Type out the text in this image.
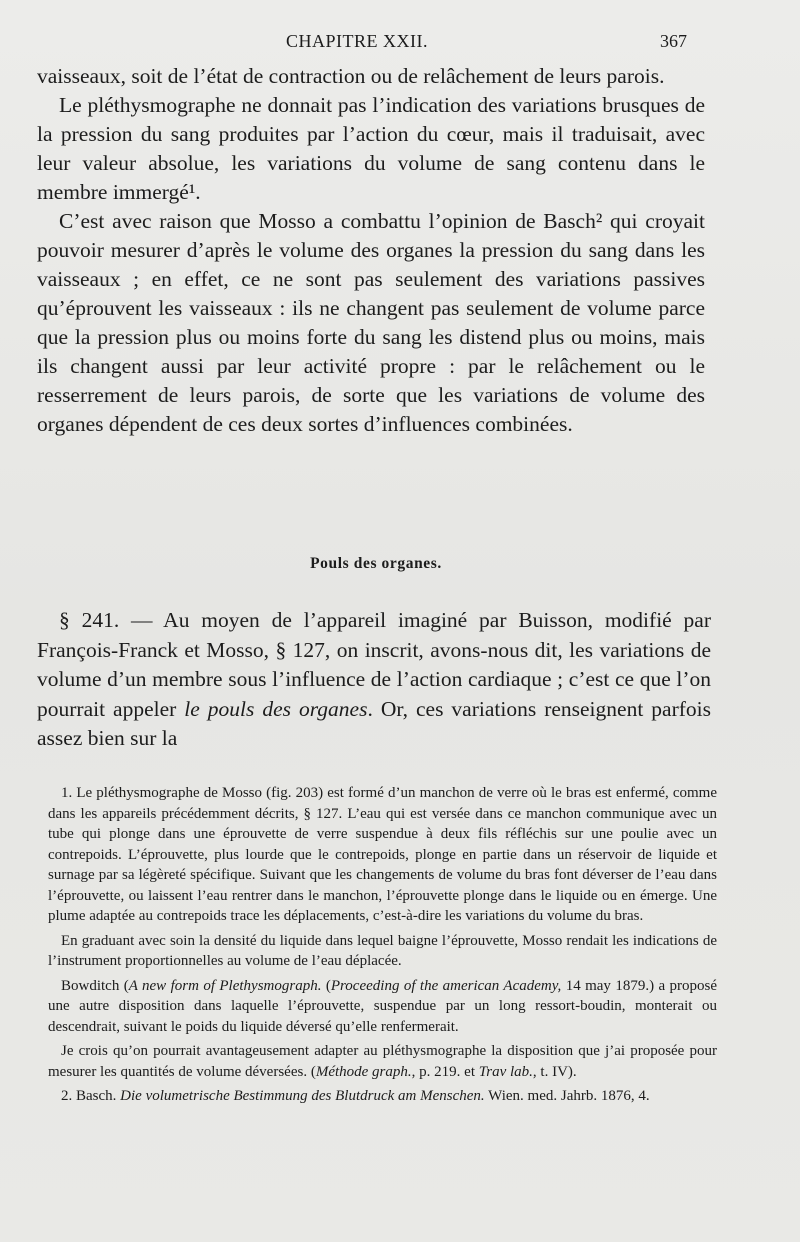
CHAPITRE XXII.	367

vaisseaux, soit de l’état de contraction ou de relâchement de leurs parois.

Le pléthysmographe ne donnait pas l’indication des variations brusques de la pression du sang produites par l’action du cœur, mais il traduisait, avec leur valeur absolue, les variations du volume de sang contenu dans le membre immergé¹.

C’est avec raison que Mosso a combattu l’opinion de Basch² qui croyait pouvoir mesurer d’après le volume des organes la pression du sang dans les vaisseaux ; en effet, ce ne sont pas seulement des variations passives qu’éprouvent les vaisseaux : ils ne changent pas seulement de volume parce que la pression plus ou moins forte du sang les distend plus ou moins, mais ils changent aussi par leur activité propre : par le relâchement ou le resserrement de leurs parois, de sorte que les variations de volume des organes dépendent de ces deux sortes d’influences combinées.

Pouls des organes.

§ 241. — Au moyen de l’appareil imaginé par Buisson, modifié par François-Franck et Mosso, § 127, on inscrit, avons-nous dit, les variations de volume d’un membre sous l’influence de l’action cardiaque ; c’est ce que l’on pourrait appeler le pouls des organes. Or, ces variations renseignent parfois assez bien sur la

1. Le pléthysmographe de Mosso (fig. 203) est formé d’un manchon de verre où le bras est enfermé, comme dans les appareils précédemment décrits, § 127. L’eau qui est versée dans ce manchon communique avec un tube qui plonge dans une éprouvette de verre suspendue à deux fils réfléchis sur une poulie avec un contrepoids. L’éprouvette, plus lourde que le contrepoids, plonge en partie dans un réservoir de liquide et surnage par sa légèreté spécifique. Suivant que les changements de volume du bras font déverser de l’eau dans l’éprouvette, ou laissent l’eau rentrer dans le manchon, l’éprouvette plonge dans le liquide ou en émerge. Une plume adaptée au contrepoids trace les déplacements, c’est-à-dire les variations du volume du bras.

En graduant avec soin la densité du liquide dans lequel baigne l’éprouvette, Mosso rendait les indications de l’instrument proportionnelles au volume de l’eau déplacée.

Bowditch (A new form of Plethysmograph. (Proceeding of the american Academy, 14 may 1879.) a proposé une autre disposition dans laquelle l’éprouvette, suspendue par un long ressort-boudin, monterait ou descendrait, suivant le poids du liquide déversé qu’elle renfermerait.

Je crois qu’on pourrait avantageusement adapter au pléthysmographe la disposition que j’ai proposée pour mesurer les quantités de volume déversées. (Méthode graph., p. 219. et Trav lab., t. IV).

2. Basch. Die volumetrische Bestimmung des Blutdruck am Menschen. Wien. med. Jahrb. 1876, 4.
